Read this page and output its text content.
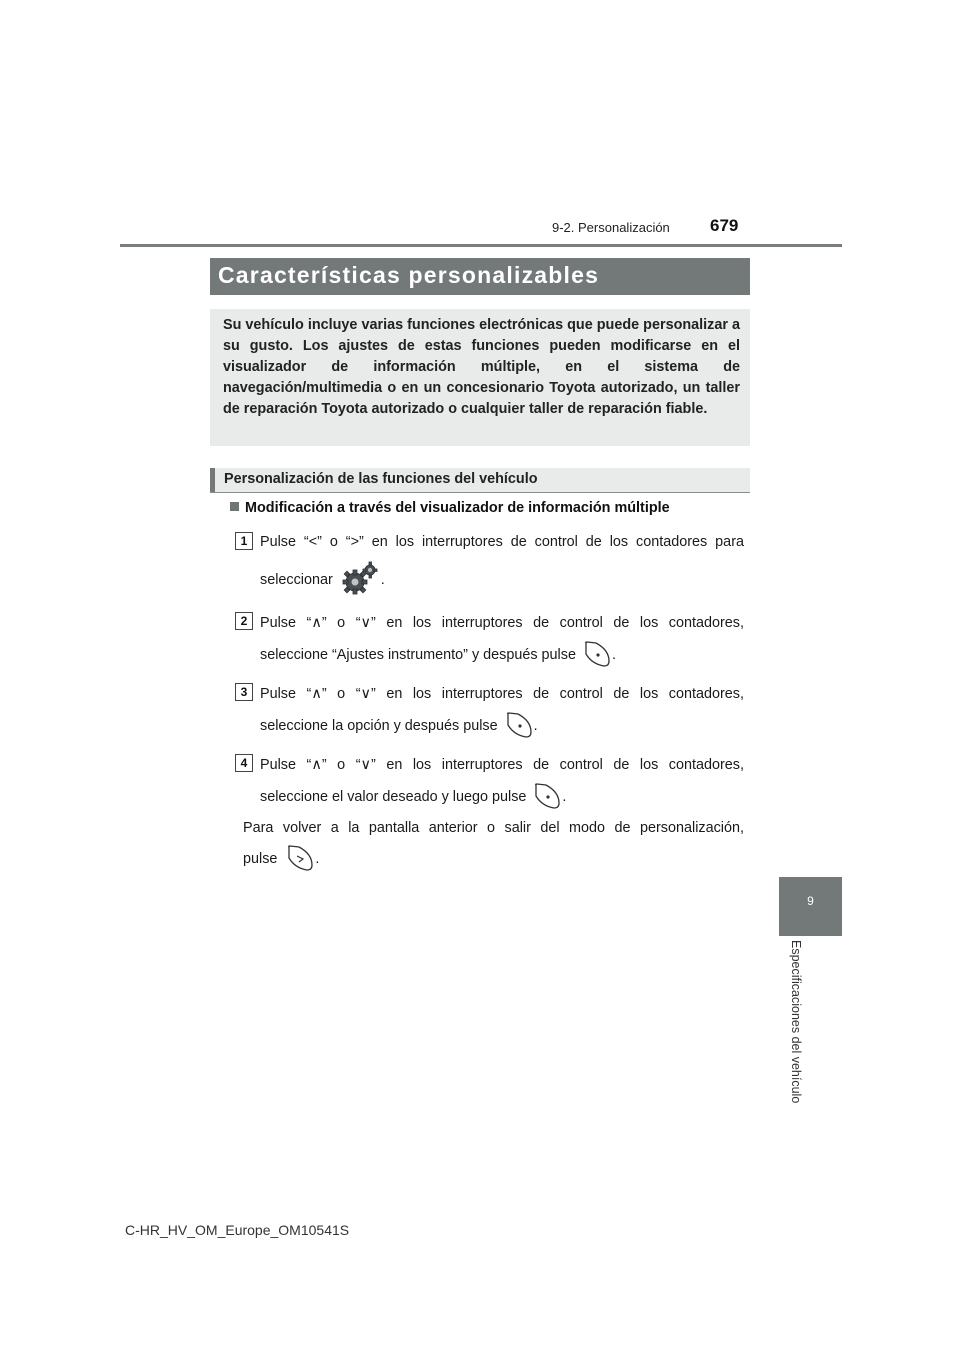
9-2. Personalización 679
Características personalizables

Su vehículo incluye varias funciones electrónicas que puede personalizar a su gusto. Los ajustes de estas funciones pueden modificarse en el visualizador de información múltiple, en el sistema de navegación/multimedia o en un concesionario Toyota autorizado, un taller de reparación Toyota autorizado o cualquier taller de reparación fiable.

Personalización de las funciones del vehículo
Modificación a través del visualizador de información múltiple
1 Pulse “<” o “>” en los interruptores de control de los contadores para
seleccionar	.
2 Pulse “∧” o “∨” en los interruptores de control de los contadores,
seleccione “Ajustes instrumento” y después pulse	.
3 Pulse “∧” o “∨” en los interruptores de control de los contadores,
seleccione la opción y después pulse	.
4 Pulse “∧” o “∨” en los interruptores de control de los contadores,
seleccione el valor deseado y luego pulse	.
Para volver a la pantalla anterior o salir del modo de personalización,
pulse	.
9
Especificaciones del vehículo
C-HR_HV_OM_Europe_OM10541S
